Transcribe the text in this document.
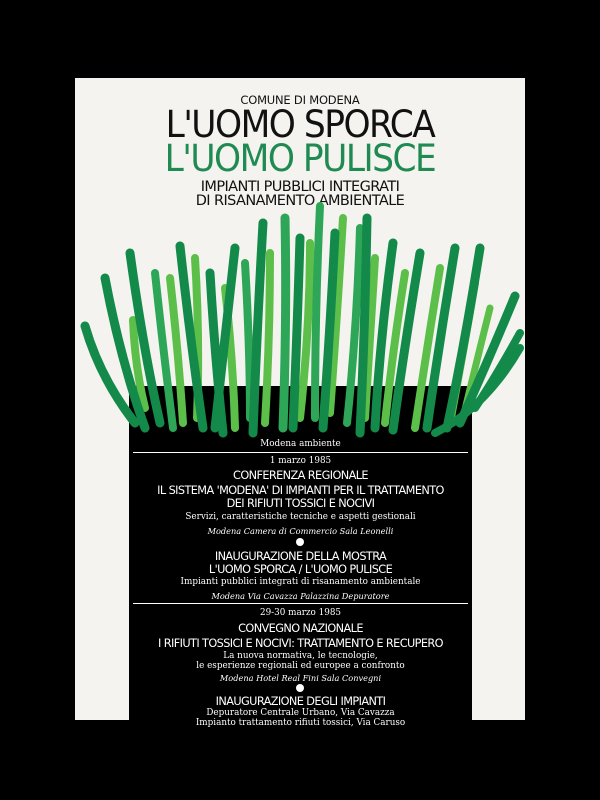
COMUNE DI MODENA
L'UOMO SPORCA
L'UOMO PULISCE
IMPIANTI PUBBLICI INTEGRATI
DI RISANAMENTO AMBIENTALE
Modena ambiente
1 marzo 1985
CONFERENZA REGIONALE
IL SISTEMA 'MODENA' DI IMPIANTI PER IL TRATTAMENTO
DEI RIFIUTI TOSSICI E NOCIVI
Servizi, caratteristiche tecniche e aspetti gestionali
Modena Camera di Commercio Sala Leonelli
INAUGURAZIONE DELLA MOSTRA
L'UOMO SPORCA / L'UOMO PULISCE
Impianti pubblici integrati di risanamento ambientale
Modena Via Cavazza Palazzina Depuratore
29-30 marzo 1985
CONVEGNO NAZIONALE
I RIFIUTI TOSSICI E NOCIVI: TRATTAMENTO E RECUPERO
La nuova normativa, le tecnologie,
le esperienze regionali ed europee a confronto
Modena Hotel Real Fini Sala Convegni
INAUGURAZIONE DEGLI IMPIANTI
Depuratore Centrale Urbano, Via Cavazza
Impianto trattamento rifiuti tossici, Via Caruso
